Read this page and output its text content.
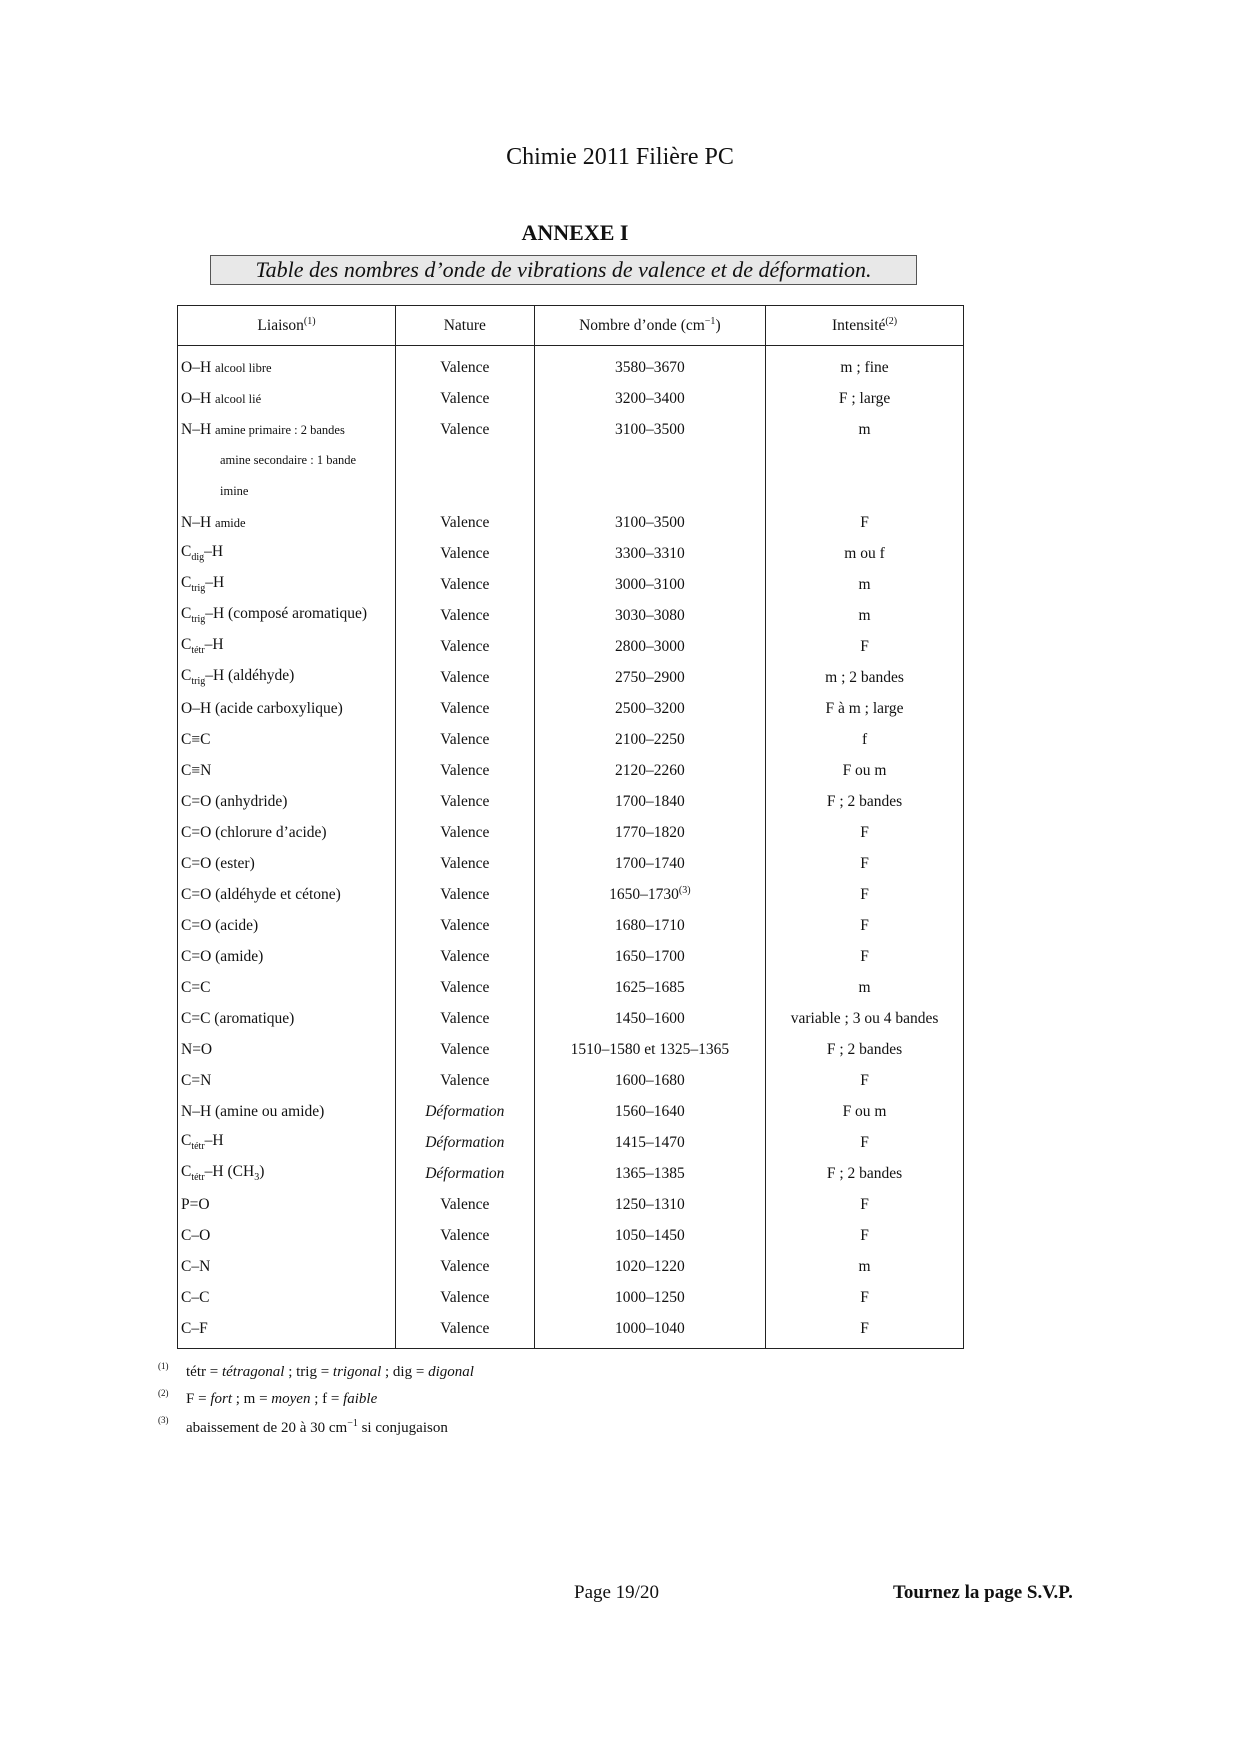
Chimie 2011 Filière PC
ANNEXE I
Table des nombres d’onde de vibrations de valence et de déformation.
Liaison$^{(1)}$	Nature	Nombre d’onde $(cm^{-1})$	Intensité$^{(2)}$
O–H alcool libre	Valence	3580–3670	m ; fine
O–H alcool lié	Valence	3200–3400	F ; large
N–H amine primaire : 2 bandes	Valence	3100–3500	m
amine secondaire : 1 bande			
imine			
N–H amide	Valence	3100–3500	F
$C_{dig}-H$	Valence	3300–3310	m ou f
$C_{trig}-H$	Valence	3000–3100	m
$C_{trig}-H$ (composé aromatique)	Valence	3030–3080	m
$C_{tétr}-H$	Valence	2800–3000	F
$C_{trig}-H$ (aldéhyde)	Valence	2750–2900	m ; 2 bandes
O–H (acide carboxylique)	Valence	2500–3200	F à m ; large
C≡C	Valence	2100–2250	f
C≡N	Valence	2120–2260	F ou m
C=O (anhydride)	Valence	1700–1840	F ; 2 bandes
C=O (chlorure d’acide)	Valence	1770–1820	F
C=O (ester)	Valence	1700–1740	F
C=O (aldéhyde et cétone)	Valence	1650–1730$^{(3)}$	F
C=O (acide)	Valence	1680–1710	F
C=O (amide)	Valence	1650–1700	F
C=C	Valence	1625–1685	m
C=C (aromatique)	Valence	1450–1600	variable ; 3 ou 4 bandes
N=O	Valence	1510–1580 et 1325–1365	F ; 2 bandes
C=N	Valence	1600–1680	F
N–H (amine ou amide)	Déformation	1560–1640	F ou m
$C_{tétr}-H$	Déformation	1415–1470	F
$C_{tétr}-H$ $(CH_3)$	Déformation	1365–1385	F ; 2 bandes
P=O	Valence	1250–1310	F
C–O	Valence	1050–1450	F
C–N	Valence	1020–1220	m
C–C	Valence	1000–1250	F
C–F	Valence	1000–1040	F
(1) tétr = tétragonal ; trig = trigonal ; dig = digonal
(2) F = fort ; m = moyen ; f = faible
(3) abaissement de 20 à 30 $cm^{-1}$ si conjugaison
Page 19/20	Tournez la page S.V.P.
